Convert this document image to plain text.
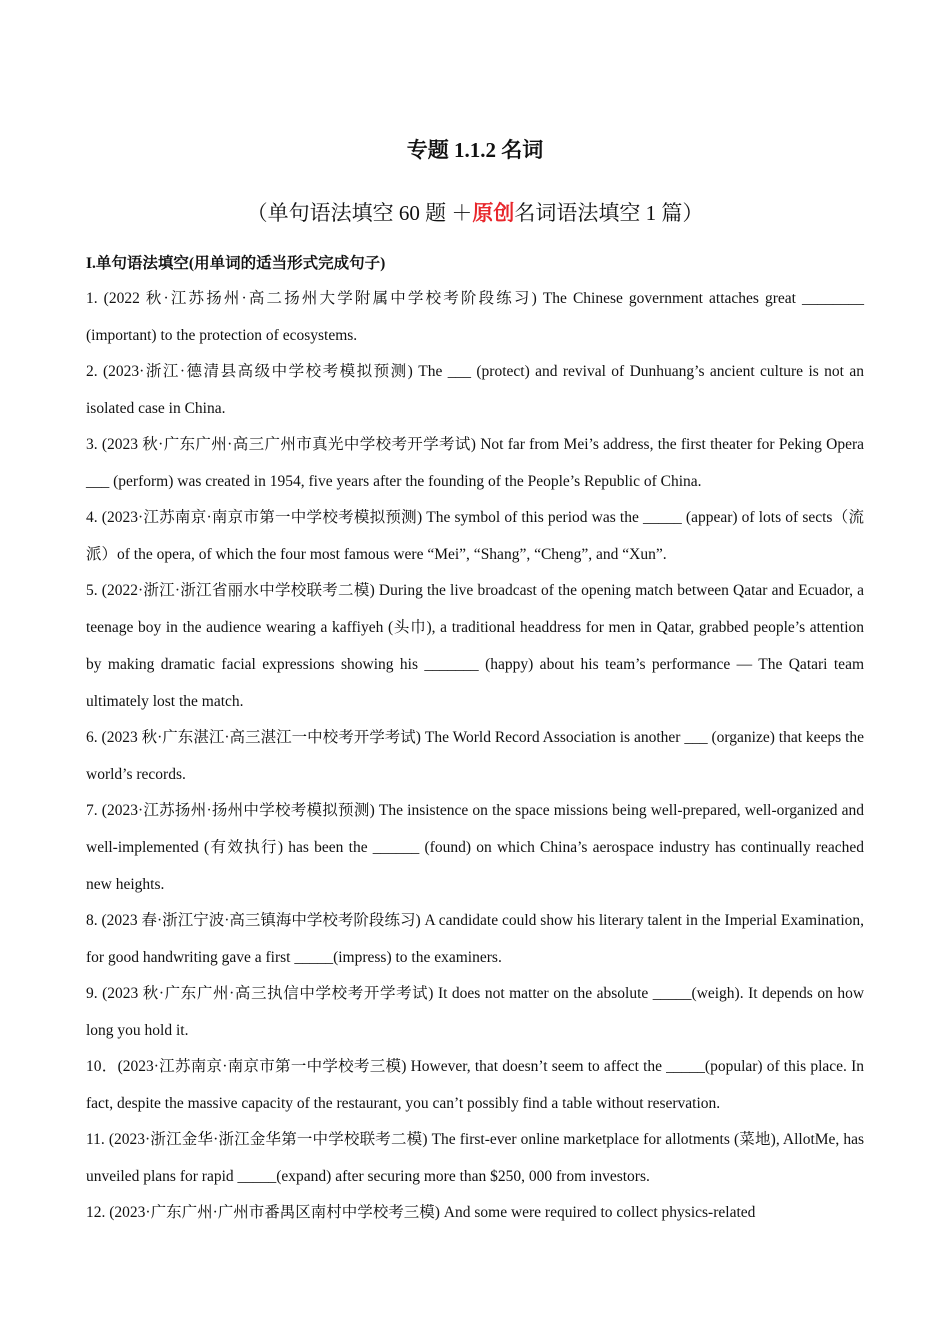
专题 1.1.2 名词
（单句语法填空 60 题 ＋原创名词语法填空 1 篇）
I.单句语法填空(用单词的适当形式完成句子)

1. (2022 秋·江苏扬州·高二扬州大学附属中学校考阶段练习) The Chinese government attaches great ________ (important) to the protection of ecosystems.

2. (2023·浙江·德清县高级中学校考模拟预测) The ___ (protect) and revival of Dunhuang’s ancient culture is not an isolated case in China.

3. (2023 秋·广东广州·高三广州市真光中学校考开学考试) Not far from Mei’s address, the first theater for Peking Opera ___ (perform) was created in 1954, five years after the founding of the People’s Republic of China.

4. (2023·江苏南京·南京市第一中学校考模拟预测) The symbol of this period was the _____ (appear) of lots of sects（流派）of the opera, of which the four most famous were “Mei”, “Shang”, “Cheng”, and “Xun”.

5. (2022·浙江·浙江省丽水中学校联考二模) During the live broadcast of the opening match between Qatar and Ecuador, a teenage boy in the audience wearing a kaffiyeh (头巾), a traditional headdress for men in Qatar, grabbed people’s attention by making dramatic facial expressions showing his _______ (happy) about his team’s performance — The Qatari team ultimately lost the match.

6. (2023 秋·广东湛江·高三湛江一中校考开学考试) The World Record Association is another ___ (organize) that keeps the world’s records.

7. (2023·江苏扬州·扬州中学校考模拟预测) The insistence on the space missions being well-prepared, well-organized and well-implemented (有效执行) has been the ______ (found) on which China’s aerospace industry has continually reached new heights.

8. (2023 春·浙江宁波·高三镇海中学校考阶段练习) A candidate could show his literary talent in the Imperial Examination, for good handwriting gave a first _____(impress) to the examiners.

9. (2023 秋·广东广州·高三执信中学校考开学考试) It does not matter on the absolute _____(weigh). It depends on how long you hold it.

10．(2023·江苏南京·南京市第一中学校考三模) However, that doesn’t seem to affect the _____(popular) of this place. In fact, despite the massive capacity of the restaurant, you can’t possibly find a table without reservation.

11. (2023·浙江金华·浙江金华第一中学校联考二模) The first-ever online marketplace for allotments (菜地), AllotMe, has unveiled plans for rapid _____(expand) after securing more than $250, 000 from investors.

12. (2023·广东广州·广州市番禺区南村中学校考三模) And some were required to collect physics-related
